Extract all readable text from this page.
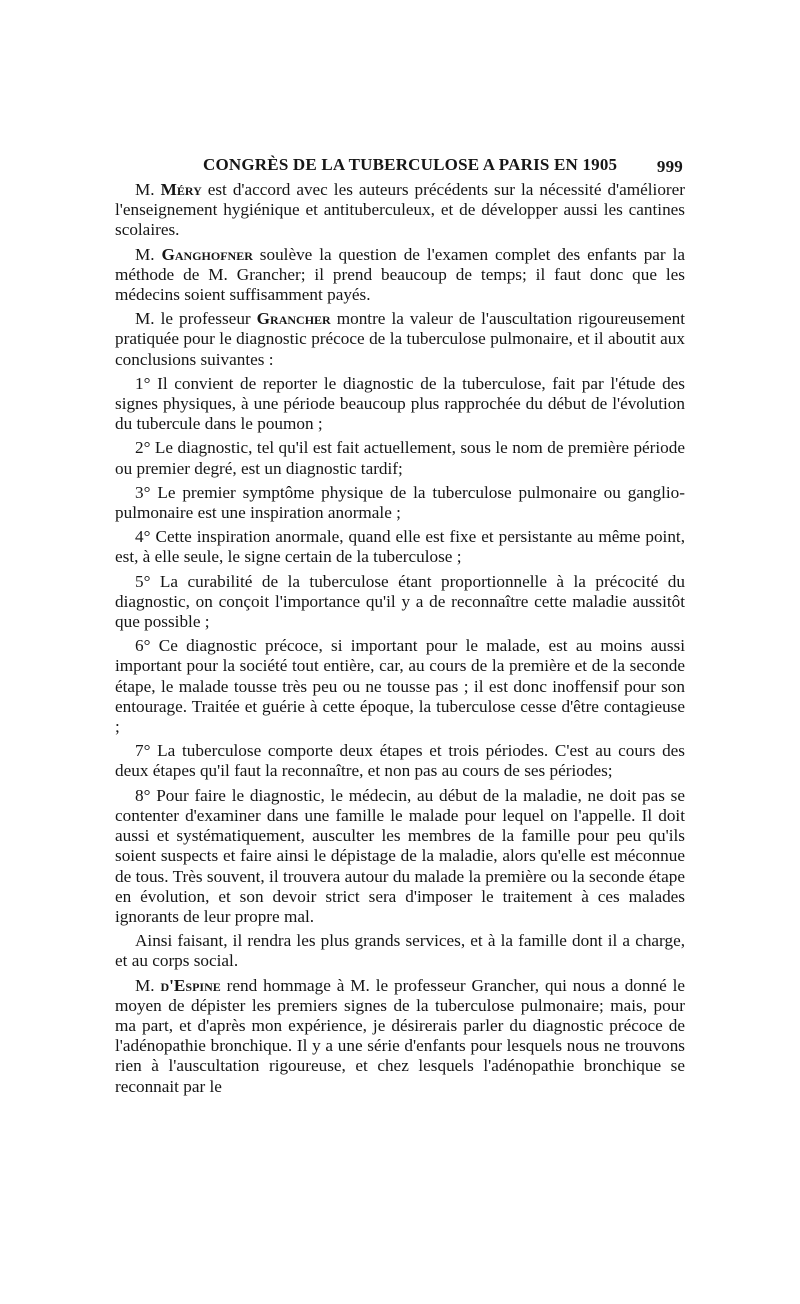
CONGRÈS DE LA TUBERCULOSE A PARIS EN 1905 999

M. Méry est d'accord avec les auteurs précédents sur la nécessité d'améliorer l'enseignement hygiénique et antituberculeux, et de développer aussi les cantines scolaires.

M. Ganghofner soulève la question de l'examen complet des enfants par la méthode de M. Grancher; il prend beaucoup de temps; il faut donc que les médecins soient suffisamment payés.

M. le professeur Grancher montre la valeur de l'auscultation rigoureusement pratiquée pour le diagnostic précoce de la tuberculose pulmonaire, et il aboutit aux conclusions suivantes :

1° Il convient de reporter le diagnostic de la tuberculose, fait par l'étude des signes physiques, à une période beaucoup plus rapprochée du début de l'évolution du tubercule dans le poumon ;

2° Le diagnostic, tel qu'il est fait actuellement, sous le nom de première période ou premier degré, est un diagnostic tardif;

3° Le premier symptôme physique de la tuberculose pulmonaire ou ganglio-pulmonaire est une inspiration anormale ;

4° Cette inspiration anormale, quand elle est fixe et persistante au même point, est, à elle seule, le signe certain de la tuberculose ;

5° La curabilité de la tuberculose étant proportionnelle à la précocité du diagnostic, on conçoit l'importance qu'il y a de reconnaître cette maladie aussitôt que possible ;

6° Ce diagnostic précoce, si important pour le malade, est au moins aussi important pour la société tout entière, car, au cours de la première et de la seconde étape, le malade tousse très peu ou ne tousse pas ; il est donc inoffensif pour son entourage. Traitée et guérie à cette époque, la tuberculose cesse d'être contagieuse ;

7° La tuberculose comporte deux étapes et trois périodes. C'est au cours des deux étapes qu'il faut la reconnaître, et non pas au cours de ses périodes;

8° Pour faire le diagnostic, le médecin, au début de la maladie, ne doit pas se contenter d'examiner dans une famille le malade pour lequel on l'appelle. Il doit aussi et systématiquement, ausculter les membres de la famille pour peu qu'ils soient suspects et faire ainsi le dépistage de la maladie, alors qu'elle est méconnue de tous. Très souvent, il trouvera autour du malade la première ou la seconde étape en évolution, et son devoir strict sera d'imposer le traitement à ces malades ignorants de leur propre mal.

Ainsi faisant, il rendra les plus grands services, et à la famille dont il a charge, et au corps social.

M. d'Espine rend hommage à M. le professeur Grancher, qui nous a donné le moyen de dépister les premiers signes de la tuberculose pulmonaire; mais, pour ma part, et d'après mon expérience, je désirerais parler du diagnostic précoce de l'adénopathie bronchique. Il y a une série d'enfants pour lesquels nous ne trouvons rien à l'auscultation rigoureuse, et chez lesquels l'adénopathie bronchique se reconnait par le
